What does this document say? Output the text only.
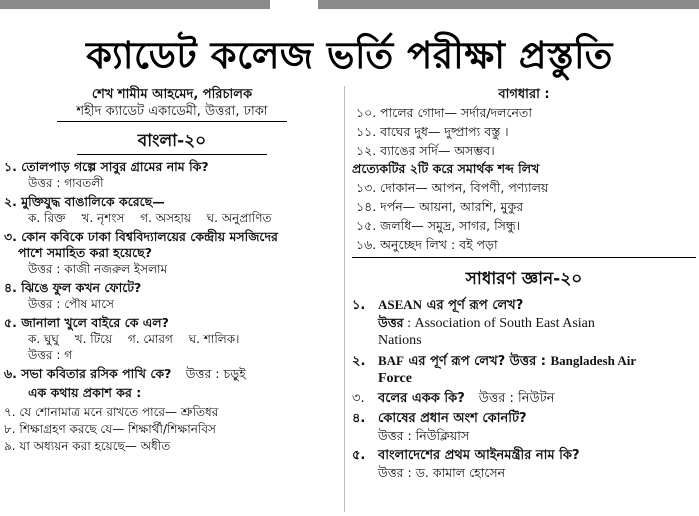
ক্যাডেট কলেজ ভর্তি পরীক্ষা প্রস্তুতি
শেখ শামীম আহমেদ, পরিচালক
শহীদ ক্যাডেট একাডেমী, উত্তরা, ঢাকা
বাংলা-২০
১. তোলপাড় গল্পে সাবুর গ্রামের নাম কি?
উত্তর : গাবতলী
২. মুক্তিযুদ্ধ বাঙালিকে করেছে—
ক. রিক্ত খ. নৃশংস গ. অসহায় ঘ. অনুপ্রাণিত
৩. কোন কবিকে ঢাকা বিশ্ববিদ্যালয়ের কেন্দ্রীয় মসজিদের
পাশে সমাহিত করা হয়েছে?
উত্তর : কাজী নজরুল ইসলাম
৪. ঝিঙে ফুল কখন ফোটে?
উত্তর : পৌষ মাসে
৫. জানালা খুলে বাইরে কে এল?
ক. ঘুঘু খ. টিয়ে গ. মোরগ ঘ. শালিক।
উত্তর : গ
৬. সভা কবিতার রসিক পাখি কে? উত্তর : চড়ুই
এক কথায় প্রকাশ কর :
৭. যে শোনামাত্র মনে রাখতে পারে— শ্রুতিধর
৮. শিক্ষাগ্রহণ করছে যে— শিক্ষার্থী/শিক্ষানবিস
৯. যা অধ্যয়ন করা হয়েছে— অধীত
বাগধারা :
১০. পালের গোদা— সর্দার/দলনেতা
১১. বাঘের দুধ— দুষ্প্রাপ্য বস্তু ।
১২. ব্যাঙের সর্দি— অসম্ভব।
প্রত্যেকটির ২টি করে সমার্থক শব্দ লিখ
১৩. দোকান— আপন, বিপণী, পণ্যালয়
১৪. দর্পন— আয়না, আরশি, মুকুর
১৫. জলধি— সমুদ্র, সাগর, সিন্ধু।
১৬. অনুচ্ছেদ লিখ : বই পড়া
সাধারণ জ্ঞান-২০
১. ASEAN এর পূর্ণ রূপ লেখ?
উত্তর : Association of South East Asian
Nations
২. BAF এর পূর্ণ রূপ লেখ? উত্তর : Bangladesh Air
Force
৩. বলের একক কি? উত্তর : নিউটন
৪. কোষের প্রধান অংশ কোনটি?
উত্তর : নিউক্লিয়াস
৫. বাংলাদেশের প্রথম আইনমন্ত্রীর নাম কি?
উত্তর : ড. কামাল হোসেন
